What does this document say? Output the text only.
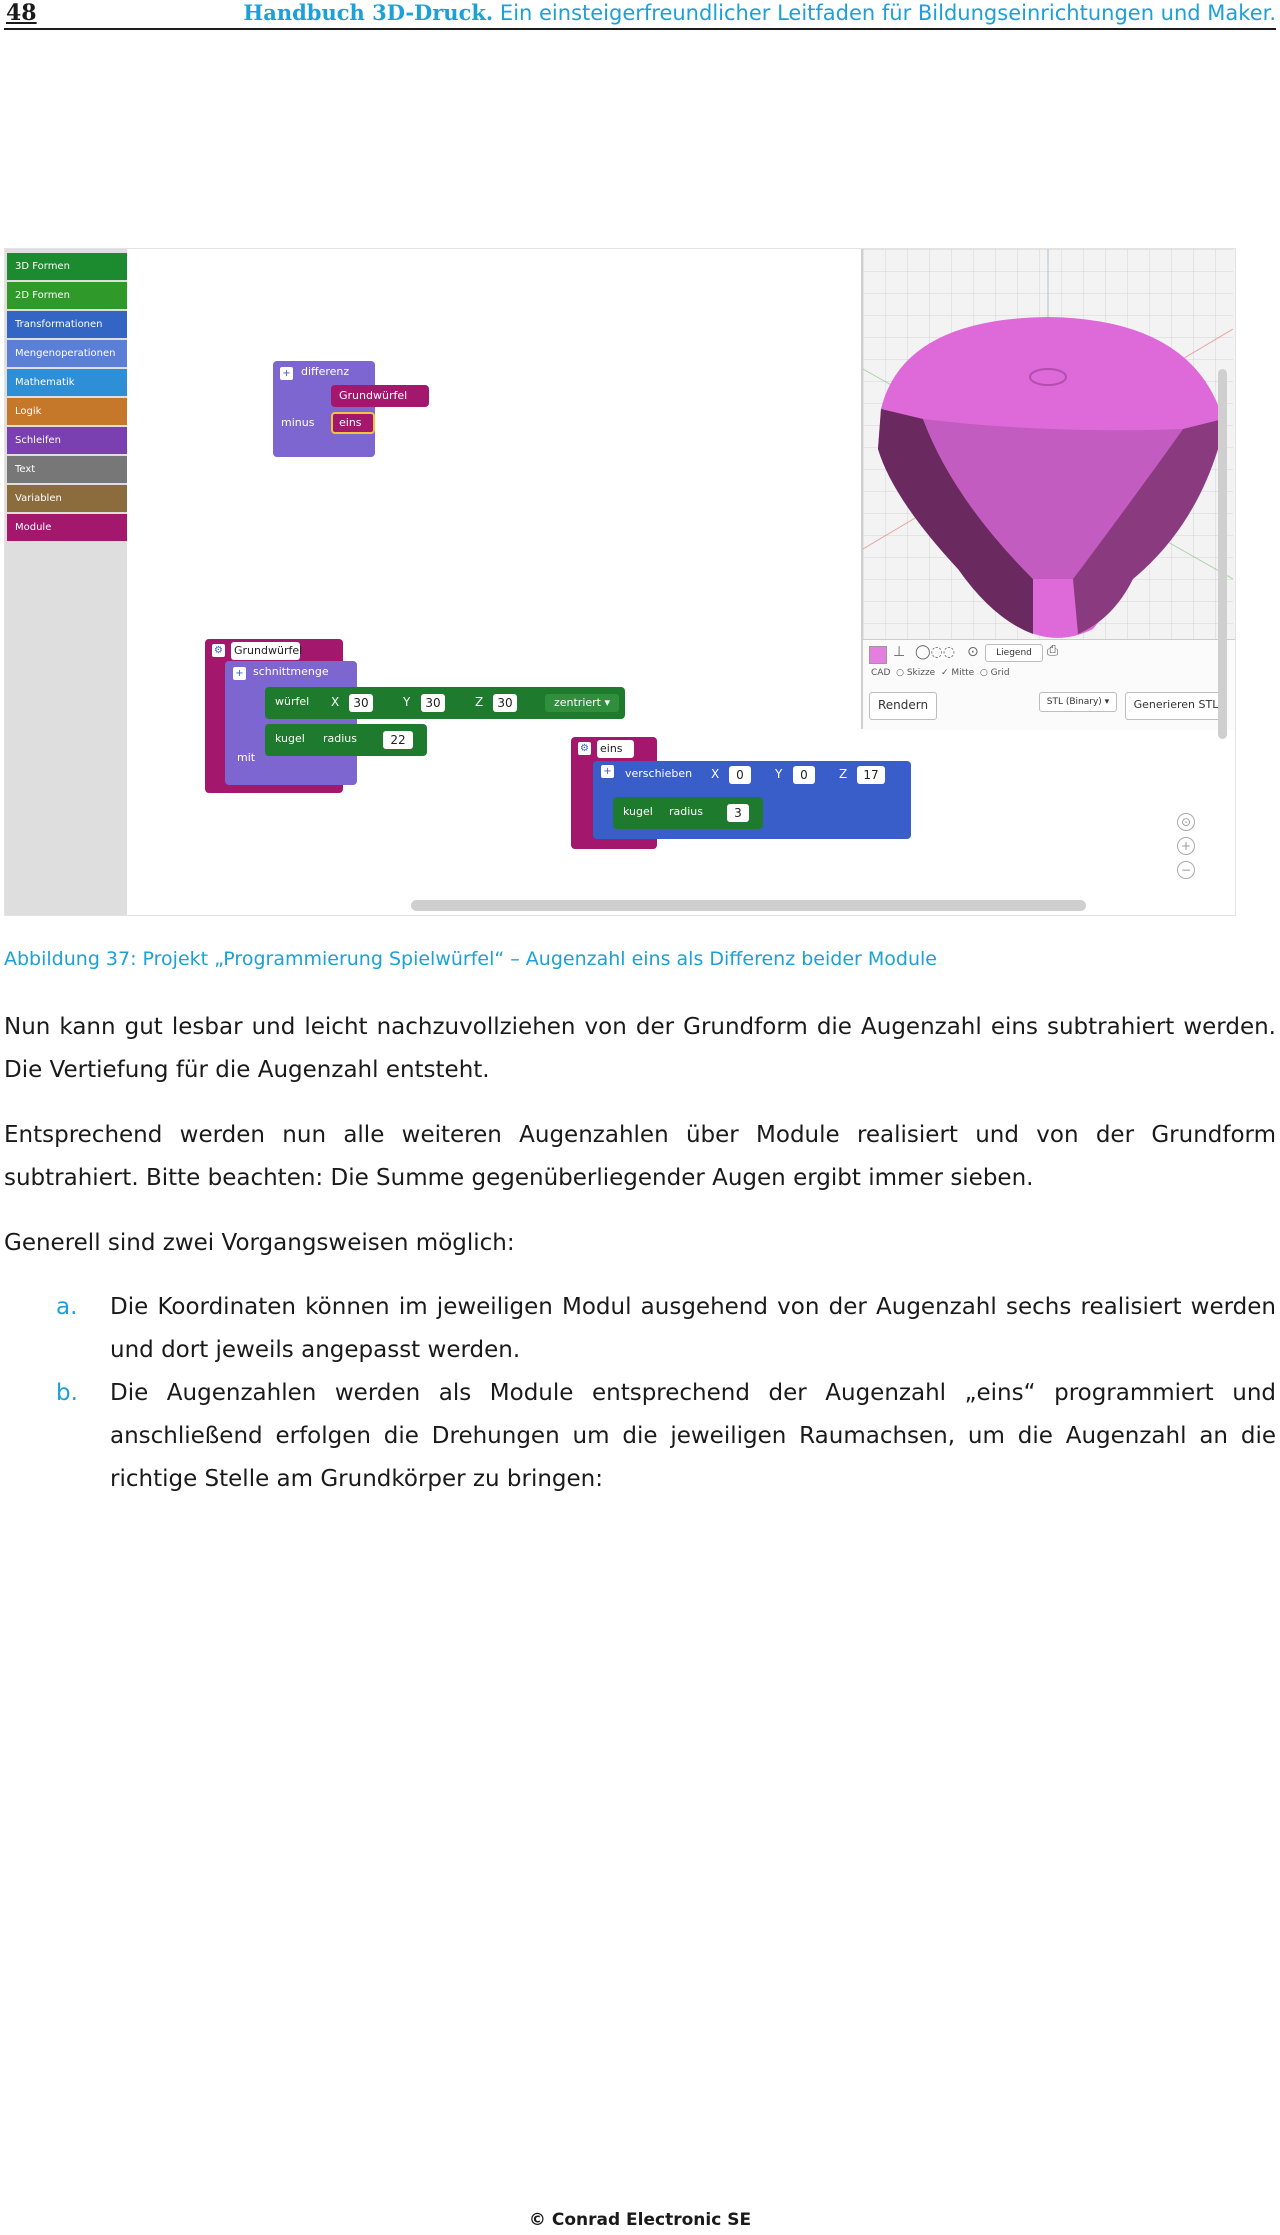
48	Handbuch 3D-Druck. Ein einsteigerfreundlicher Leitfaden für Bildungseinrichtungen und Maker.
3D Formen
2D Formen
Transformationen
Mengenoperationen
Mathematik
Logik
Schleifen
Text
Variablen
Module
+ differenz
Grundwürfel
minus	eins
⚙ Grundwürfel
+ schnittmenge
mit
würfel X	30	Y	30	Z	30	zentriert ▾
kugel radius	22
⚙ eins
+ verschieben X	0	Y	0	Z	17
kugel radius	3
⊥ ◯◌◌ ⊙	Liegend	⎙
CAD  ○ Skizze  ✓ Mitte  ○ Grid
Rendern	STL (Binary) ▾	Generieren STL
⊙
+
−
Abbildung 37: Projekt „Programmierung Spielwürfel“ – Augenzahl eins als Differenz beider Module

Nun kann gut lesbar und leicht nachzuvollziehen von der Grundform die Augenzahl eins subtrahiert werden. Die Vertiefung für die Augenzahl entsteht.

Entsprechend werden nun alle weiteren Augenzahlen über Module realisiert und von der Grundform subtrahiert. Bitte beachten: Die Summe gegenüberliegender Augen ergibt immer sieben.

Generell sind zwei Vorgangsweisen möglich:

a. Die Koordinaten können im jeweiligen Modul ausgehend von der Augenzahl sechs realisiert werden und dort jeweils angepasst werden.
b. Die Augenzahlen werden als Module entsprechend der Augenzahl „eins“ programmiert und anschließend erfolgen die Drehungen um die jeweiligen Raumachsen, um die Augenzahl an die richtige Stelle am Grundkörper zu bringen:
© Conrad Electronic SE
